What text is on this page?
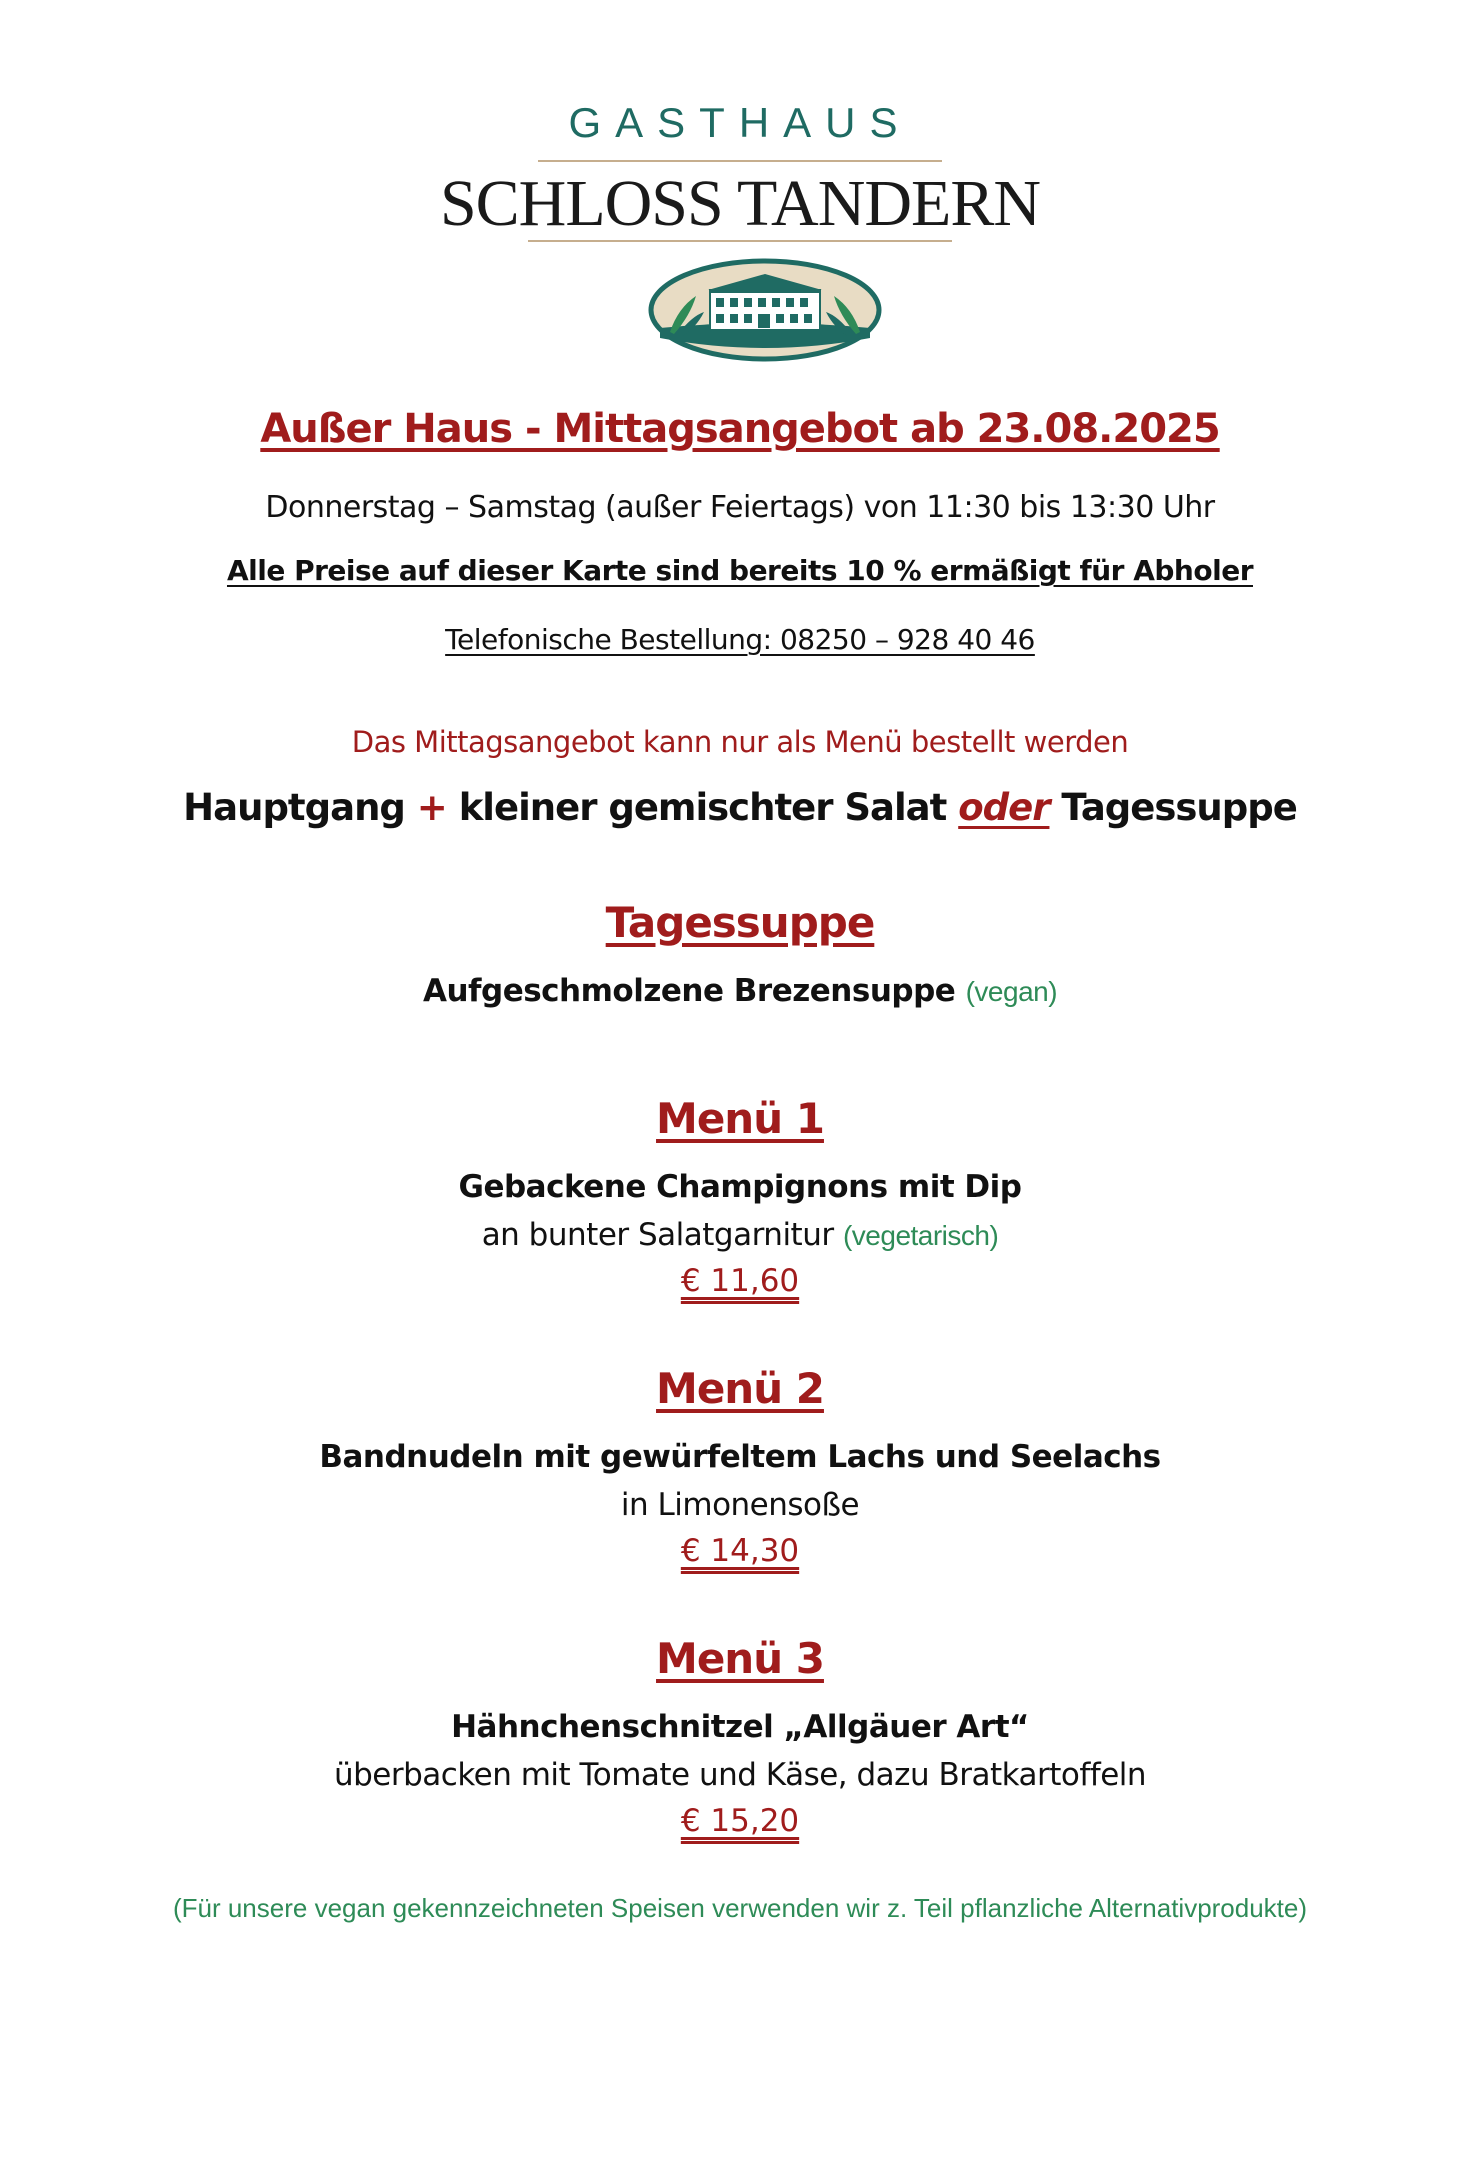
GASTHAUS
SCHLOSS TANDERN
Außer Haus - Mittagsangebot ab 23.08.2025
Donnerstag – Samstag (außer Feiertags) von 11:30 bis 13:30 Uhr
Alle Preise auf dieser Karte sind bereits 10 % ermäßigt für Abholer
Telefonische Bestellung: 08250 – 928 40 46
Das Mittagsangebot kann nur als Menü bestellt werden
Hauptgang + kleiner gemischter Salat oder Tagessuppe
Tagessuppe
Aufgeschmolzene Brezensuppe (vegan)
Menü 1
Gebackene Champignons mit Dip
an bunter Salatgarnitur (vegetarisch)
€ 11,60
Menü 2
Bandnudeln mit gewürfeltem Lachs und Seelachs
in Limonensoße
€ 14,30
Menü 3
Hähnchenschnitzel „Allgäuer Art“
überbacken mit Tomate und Käse, dazu Bratkartoffeln
€ 15,20
(Für unsere vegan gekennzeichneten Speisen verwenden wir z. Teil pflanzliche Alternativprodukte)
